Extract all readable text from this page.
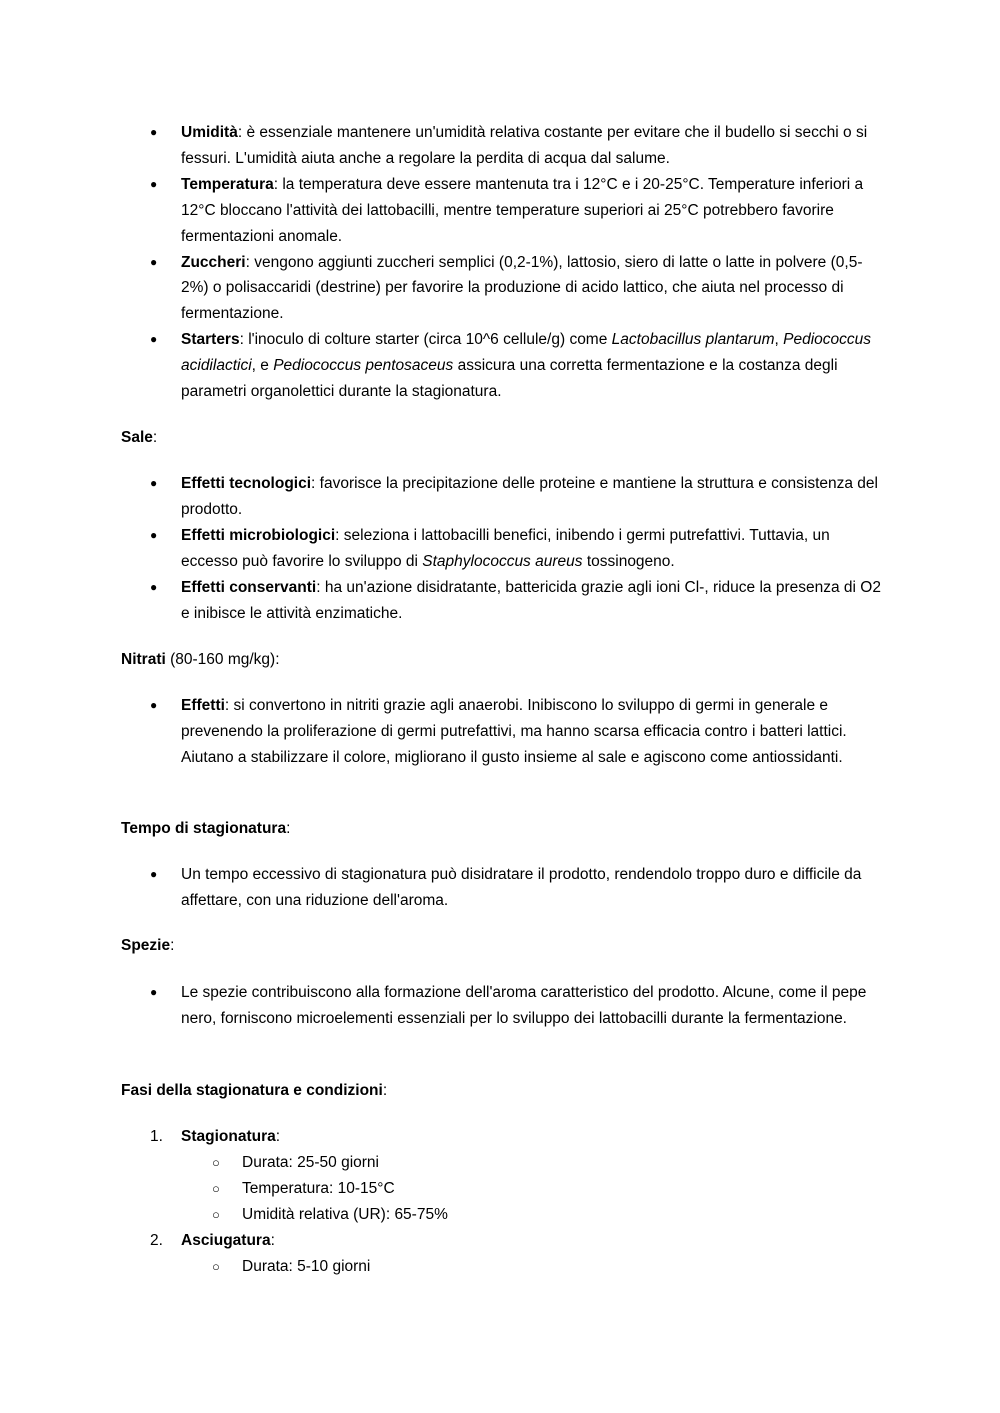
● Umidità: è essenziale mantenere un'umidità relativa costante per evitare che il budello si secchi o si fessuri. L'umidità aiuta anche a regolare la perdita di acqua dal salume.
● Temperatura: la temperatura deve essere mantenuta tra i 12°C e i 20-25°C. Temperature inferiori a 12°C bloccano l'attività dei lattobacilli, mentre temperature superiori ai 25°C potrebbero favorire fermentazioni anomale.
● Zuccheri: vengono aggiunti zuccheri semplici (0,2-1%), lattosio, siero di latte o latte in polvere (0,5-2%) o polisaccaridi (destrine) per favorire la produzione di acido lattico, che aiuta nel processo di fermentazione.
● Starters: l'inoculo di colture starter (circa 10^6 cellule/g) come Lactobacillus plantarum, Pediococcus acidilactici, e Pediococcus pentosaceus assicura una corretta fermentazione e la costanza degli parametri organolettici durante la stagionatura.

Sale:

● Effetti tecnologici: favorisce la precipitazione delle proteine e mantiene la struttura e consistenza del prodotto.
● Effetti microbiologici: seleziona i lattobacilli benefici, inibendo i germi putrefattivi. Tuttavia, un eccesso può favorire lo sviluppo di Staphylococcus aureus tossinogeno.
● Effetti conservanti: ha un'azione disidratante, battericida grazie agli ioni Cl-, riduce la presenza di O2 e inibisce le attività enzimatiche.

Nitrati (80-160 mg/kg):

● Effetti: si convertono in nitriti grazie agli anaerobi. Inibiscono lo sviluppo di germi in generale e prevenendo la proliferazione di germi putrefattivi, ma hanno scarsa efficacia contro i batteri lattici. Aiutano a stabilizzare il colore, migliorano il gusto insieme al sale e agiscono come antiossidanti.

Tempo di stagionatura:

● Un tempo eccessivo di stagionatura può disidratare il prodotto, rendendolo troppo duro e difficile da affettare, con una riduzione dell'aroma.

Spezie:

● Le spezie contribuiscono alla formazione dell'aroma caratteristico del prodotto. Alcune, come il pepe nero, forniscono microelementi essenziali per lo sviluppo dei lattobacilli durante la fermentazione.

Fasi della stagionatura e condizioni:

1. Stagionatura:
○ Durata: 25-50 giorni
○ Temperatura: 10-15°C
○ Umidità relativa (UR): 65-75%
2. Asciugatura:
○ Durata: 5-10 giorni
